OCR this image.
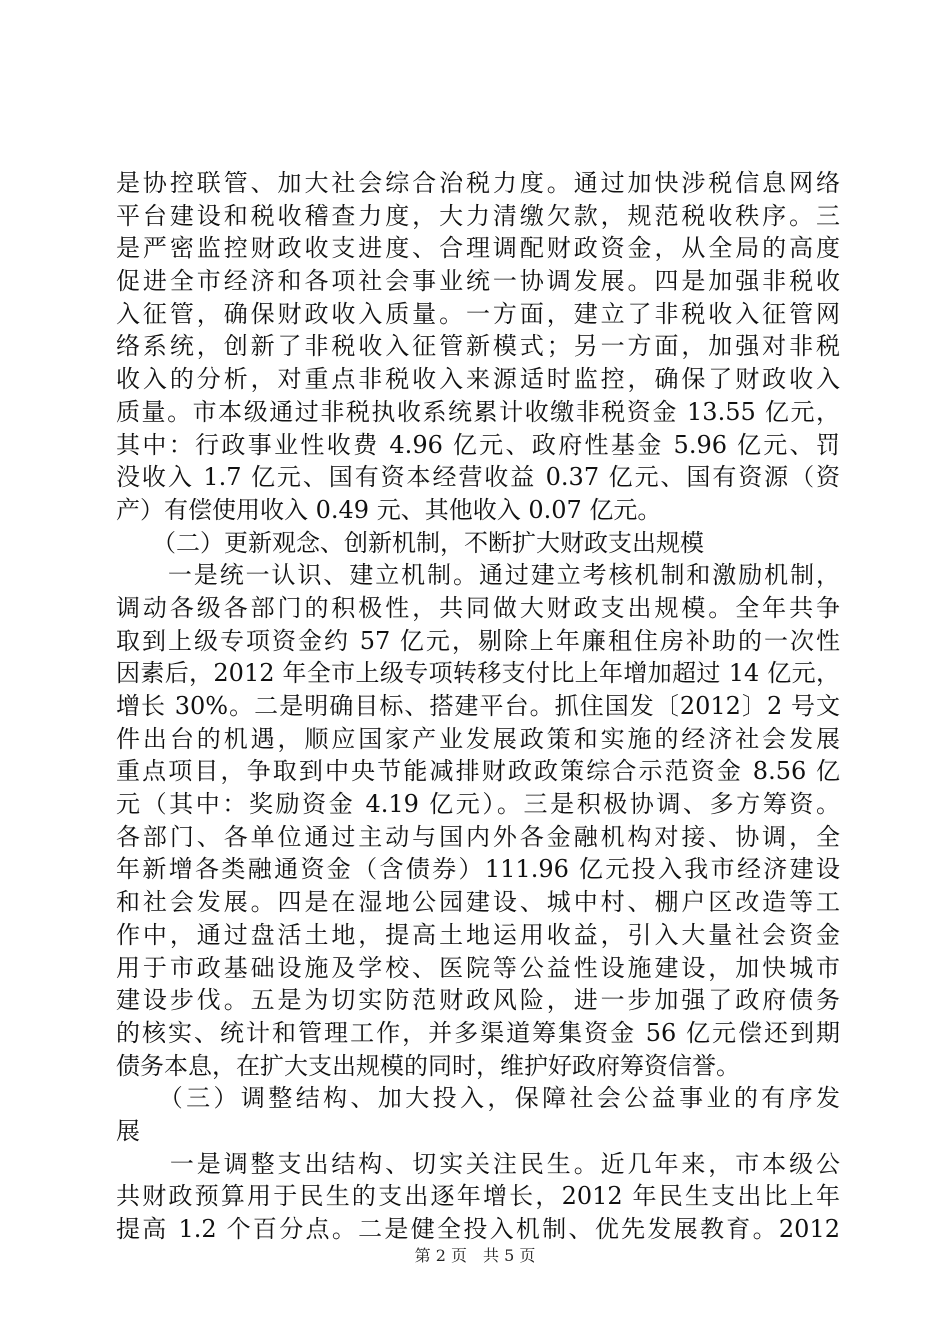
是协控联管、加大社会综合治税力度。通过加快涉税信息网络
平台建设和税收稽查力度，大力清缴欠款，规范税收秩序。三
是严密监控财政收支进度、合理调配财政资金，从全局的高度
促进全市经济和各项社会事业统一协调发展。四是加强非税收
入征管，确保财政收入质量。一方面，建立了非税收入征管网
络系统，创新了非税收入征管新模式；另一方面，加强对非税
收入的分析，对重点非税收入来源适时监控，确保了财政收入
质量。市本级通过非税执收系统累计收缴非税资金 13.55 亿元，
其中：行政事业性收费 4.96 亿元、政府性基金 5.96 亿元、罚
没收入 1.7 亿元、国有资本经营收益 0.37 亿元、国有资源（资
产）有偿使用收入 0.49 元、其他收入 0.07 亿元。
　　（二）更新观念、创新机制，不断扩大财政支出规模
　　一是统一认识、建立机制。通过建立考核机制和激励机制，
调动各级各部门的积极性，共同做大财政支出规模。全年共争
取到上级专项资金约 57 亿元，剔除上年廉租住房补助的一次性
因素后，2012 年全市上级专项转移支付比上年增加超过 14 亿元，
增长 30%。二是明确目标、搭建平台。抓住国发〔2012〕2 号文
件出台的机遇，顺应国家产业发展政策和实施的经济社会发展
重点项目，争取到中央节能减排财政政策综合示范资金 8.56 亿
元（其中：奖励资金 4.19 亿元）。三是积极协调、多方筹资。
各部门、各单位通过主动与国内外各金融机构对接、协调，全
年新增各类融通资金（含债券）111.96 亿元投入我市经济建设
和社会发展。四是在湿地公园建设、城中村、棚户区改造等工
作中，通过盘活土地，提高土地运用收益，引入大量社会资金
用于市政基础设施及学校、医院等公益性设施建设，加快城市
建设步伐。五是为切实防范财政风险，进一步加强了政府债务
的核实、统计和管理工作，并多渠道筹集资金 56 亿元偿还到期
债务本息，在扩大支出规模的同时，维护好政府筹资信誉。
　　（三）调整结构、加大投入，保障社会公益事业的有序发
展
　　一是调整支出结构、切实关注民生。近几年来，市本级公
共财政预算用于民生的支出逐年增长，2012 年民生支出比上年
提高 1.2 个百分点。二是健全投入机制、优先发展教育。2012
第 2 页　共 5 页
